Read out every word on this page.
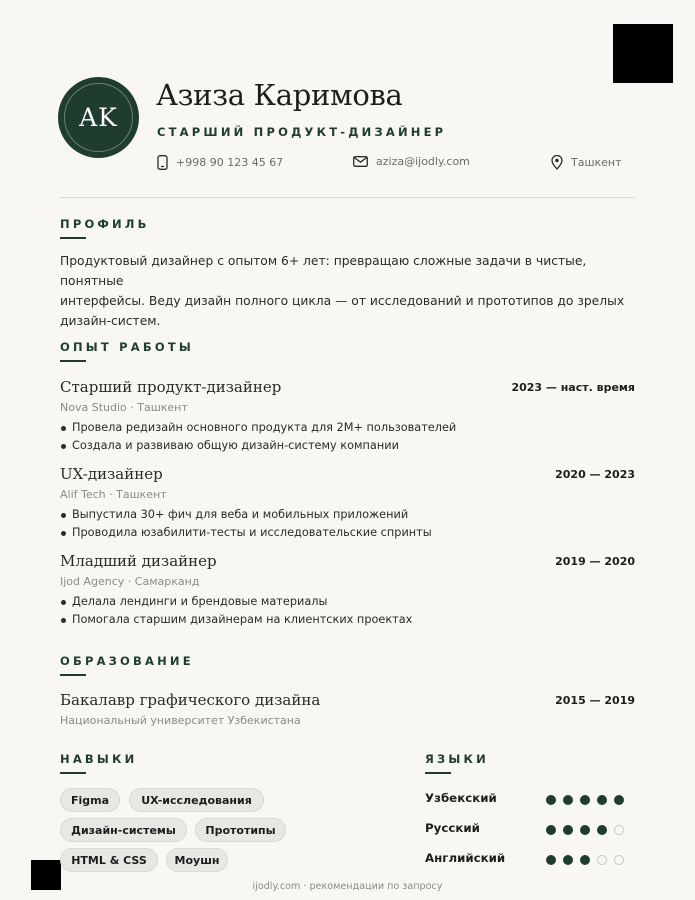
AK
Азиза Каримова
СТАРШИЙ ПРОДУКТ-ДИЗАЙНЕР
+998 90 123 45 67	aziza@ijodly.com	Ташкент
ПРОФИЛЬ
Продуктовый дизайнер с опытом 6+ лет: превращаю сложные задачи в чистые, понятные
интерфейсы. Веду дизайн полного цикла — от исследований и прототипов до зрелых
дизайн-систем.
ОПЫТ РАБОТЫ
Старший продукт-дизайнер	2023 — наст. время
Nova Studio · Ташкент
Провела редизайн основного продукта для 2M+ пользователей
Создала и развиваю общую дизайн-систему компании
UX-дизайнер	2020 — 2023
Alif Tech · Ташкент
Выпустила 30+ фич для веба и мобильных приложений
Проводила юзабилити-тесты и исследовательские спринты
Младший дизайнер	2019 — 2020
Ijod Agency · Самарканд
Делала лендинги и брендовые материалы
Помогала старшим дизайнерам на клиентских проектах
ОБРАЗОВАНИЕ
Бакалавр графического дизайна	2015 — 2019
Национальный университет Узбекистана
НАВЫКИ
Figma	UX-исследования
Дизайн-системы	Прототипы
HTML & CSS	Моушн
ЯЗЫКИ
Узбекский
Русский
Английский
ijodly.com · рекомендации по запросу
